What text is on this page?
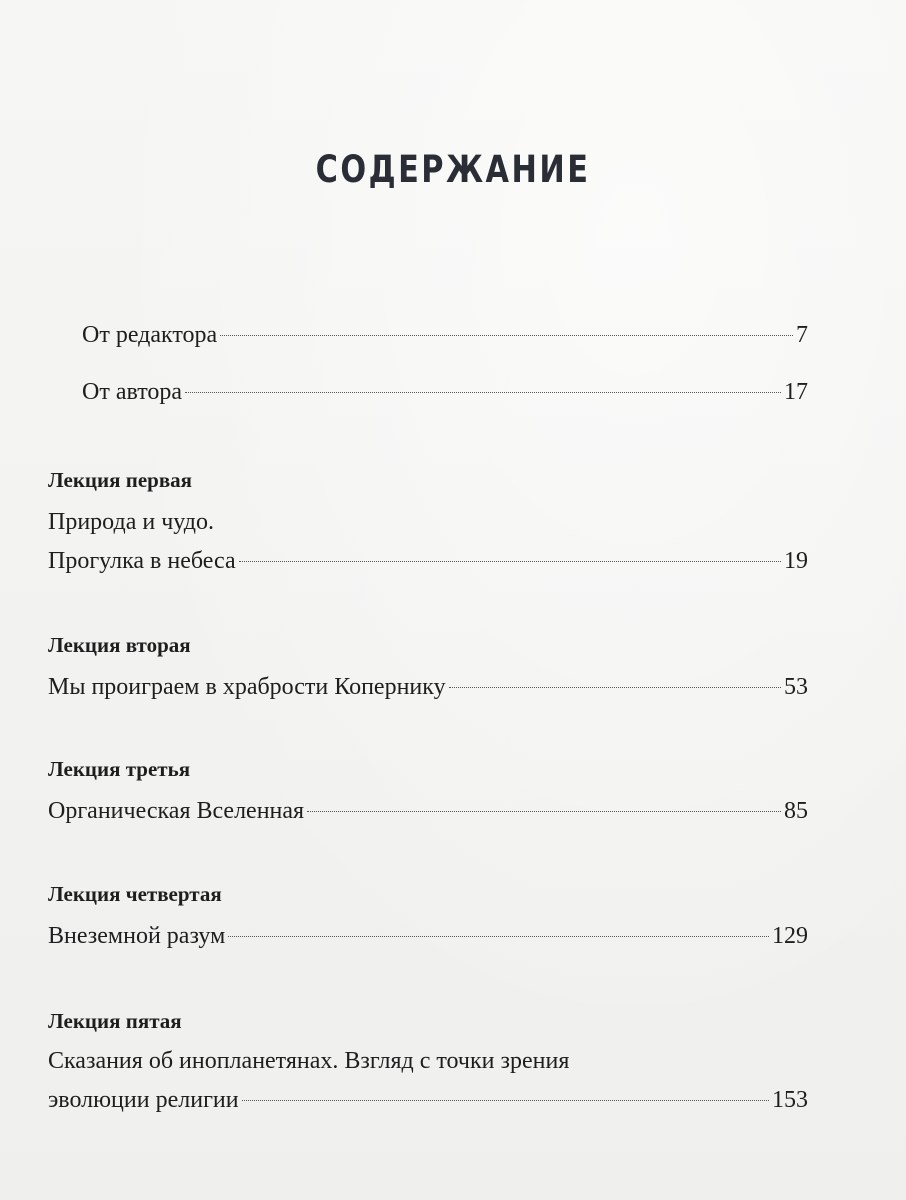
СОДЕРЖАНИЕ
От редактора	7
От автора	17
Лекция первая
Природа и чудо.
Прогулка в небеса	19
Лекция вторая
Мы проиграем в храбрости Копернику	53
Лекция третья
Органическая Вселенная	85
Лекция четвертая
Внеземной разум	129
Лекция пятая
Сказания об инопланетянах. Взгляд с точки зрения
эволюции религии	153
